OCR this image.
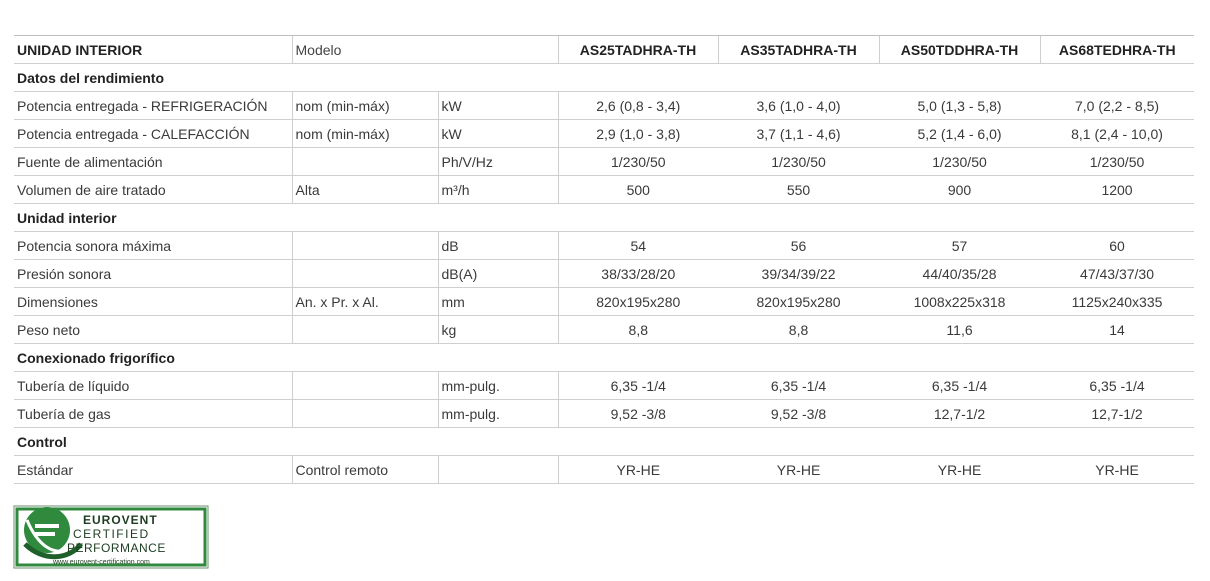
UNIDAD INTERIOR	Modelo		AS25TADHRA-TH	AS35TADHRA-TH	AS50TDDHRA-TH	AS68TEDHRA-TH
Datos del rendimiento						
Potencia entregada - REFRIGERACIÓN	nom (min-máx)	kW	2,6 (0,8 - 3,4)	3,6 (1,0 - 4,0)	5,0 (1,3 - 5,8)	7,0 (2,2 - 8,5)
Potencia entregada - CALEFACCIÓN	nom (min-máx)	kW	2,9 (1,0 - 3,8)	3,7 (1,1 - 4,6)	5,2 (1,4 - 6,0)	8,1 (2,4 - 10,0)
Fuente de alimentación		Ph/V/Hz	1/230/50	1/230/50	1/230/50	1/230/50
Volumen de aire tratado	Alta	m³/h	500	550	900	1200
Unidad interior						
Potencia sonora máxima		dB	54	56	57	60
Presión sonora		dB(A)	38/33/28/20	39/34/39/22	44/40/35/28	47/43/37/30
Dimensiones	An. x Pr. x Al.	mm	820x195x280	820x195x280	1008x225x318	1125x240x335
Peso neto		kg	8,8	8,8	11,6	14
Conexionado frigorífico						
Tubería de líquido		mm-pulg.	6,35 -1/4	6,35 -1/4	6,35 -1/4	6,35 -1/4
Tubería de gas		mm-pulg.	9,52 -3/8	9,52 -3/8	12,7-1/2	12,7-1/2
Control						
Estándar	Control remoto		YR-HE	YR-HE	YR-HE	YR-HE
EUROVENT
CERTIFIED
PERFORMANCE
www.eurovent-certification.com
